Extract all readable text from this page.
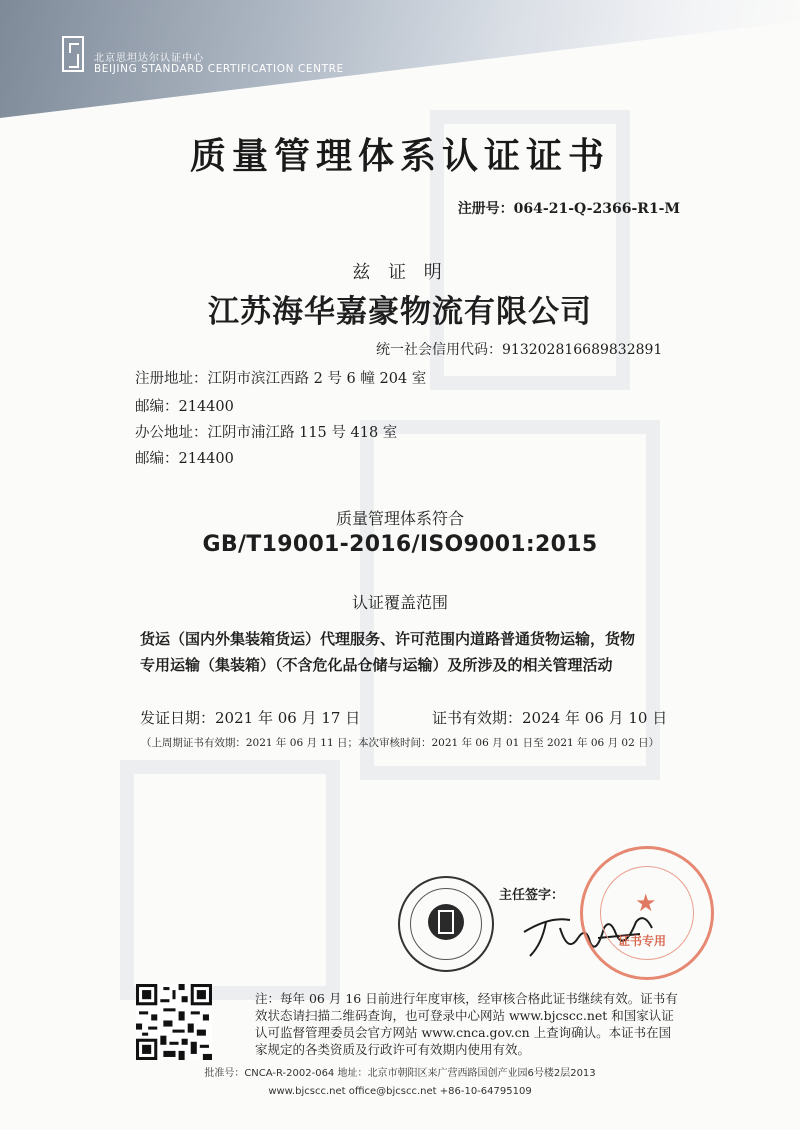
北京思坦达尔认证中心
BEIJING STANDARD CERTIFICATION CENTRE
质量管理体系认证证书
注册号：064-21-Q-2366-R1-M
兹 证 明
江苏海华嘉豪物流有限公司
统一社会信用代码：913202816689832891
注册地址：江阴市滨江西路 2 号 6 幢 204 室
邮编：214400
办公地址：江阴市浦江路 115 号 418 室
邮编：214400
质量管理体系符合
GB/T19001-2016/ISO9001:2015
认证覆盖范围
货运（国内外集装箱货运）代理服务、许可范围内道路普通货物运输，货物
专用运输（集装箱）（不含危化品仓储与运输）及所涉及的相关管理活动
发证日期：2021 年 06 月 17 日	证书有效期：2024 年 06 月 10 日
（上周期证书有效期：2021 年 06 月 11 日；本次审核时间：2021 年 06 月 01 日至 2021 年 06 月 02 日）
主任签字：	★
证书专用
注：每年 06 月 16 日前进行年度审核，经审核合格此证书继续有效。证书有效状态请扫描二维码查询，也可登录中心网站 www.bjcscc.net 和国家认证认可监督管理委员会官方网站 www.cnca.gov.cn 上查询确认。本证书在国家规定的各类资质及行政许可有效期内使用有效。
批准号：CNCA-R-2002-064 地址：北京市朝阳区来广营西路国创产业园6号楼2层2013
www.bjcscc.net office@bjcscc.net +86-10-64795109
